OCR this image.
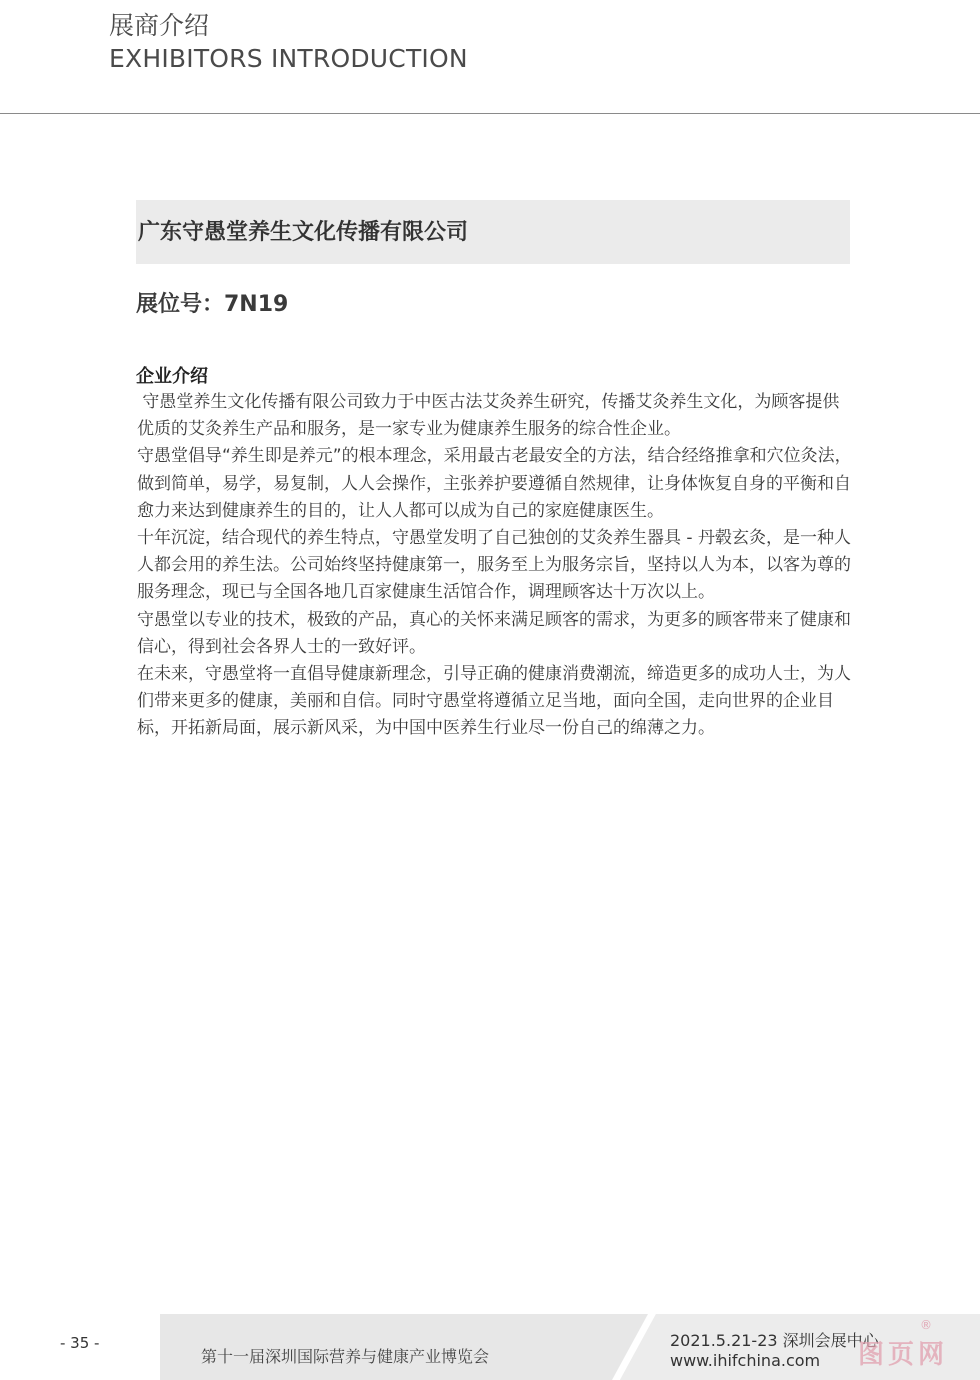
展商介绍
EXHIBITORS INTRODUCTION
广东守愚堂养生文化传播有限公司
展位号：7N19
企业介绍

守愚堂养生文化传播有限公司致力于中医古法艾灸养生研究，传播艾灸养生文化，为顾客提供优质的艾灸养生产品和服务，是一家专业为健康养生服务的综合性企业。

守愚堂倡导“养生即是养元”的根本理念，采用最古老最安全的方法，结合经络推拿和穴位灸法，做到简单，易学，易复制，人人会操作，主张养护要遵循自然规律，让身体恢复自身的平衡和自愈力来达到健康养生的目的，让人人都可以成为自己的家庭健康医生。

十年沉淀，结合现代的养生特点，守愚堂发明了自己独创的艾灸养生器具 - 丹毂玄灸，是一种人人都会用的养生法。公司始终坚持健康第一，服务至上为服务宗旨，坚持以人为本，以客为尊的服务理念，现已与全国各地几百家健康生活馆合作，调理顾客达十万次以上。

守愚堂以专业的技术，极致的产品，真心的关怀来满足顾客的需求，为更多的顾客带来了健康和信心，得到社会各界人士的一致好评。

在未来，守愚堂将一直倡导健康新理念，引导正确的健康消费潮流，缔造更多的成功人士，为人们带来更多的健康，美丽和自信。同时守愚堂将遵循立足当地，面向全国，走向世界的企业目标，开拓新局面，展示新风采，为中国中医养生行业尽一份自己的绵薄之力。

- 35 -
第十一届深圳国际营养与健康产业博览会
2021.5.21-23 深圳会展中心
www.ihifchina.com 图页网
®
